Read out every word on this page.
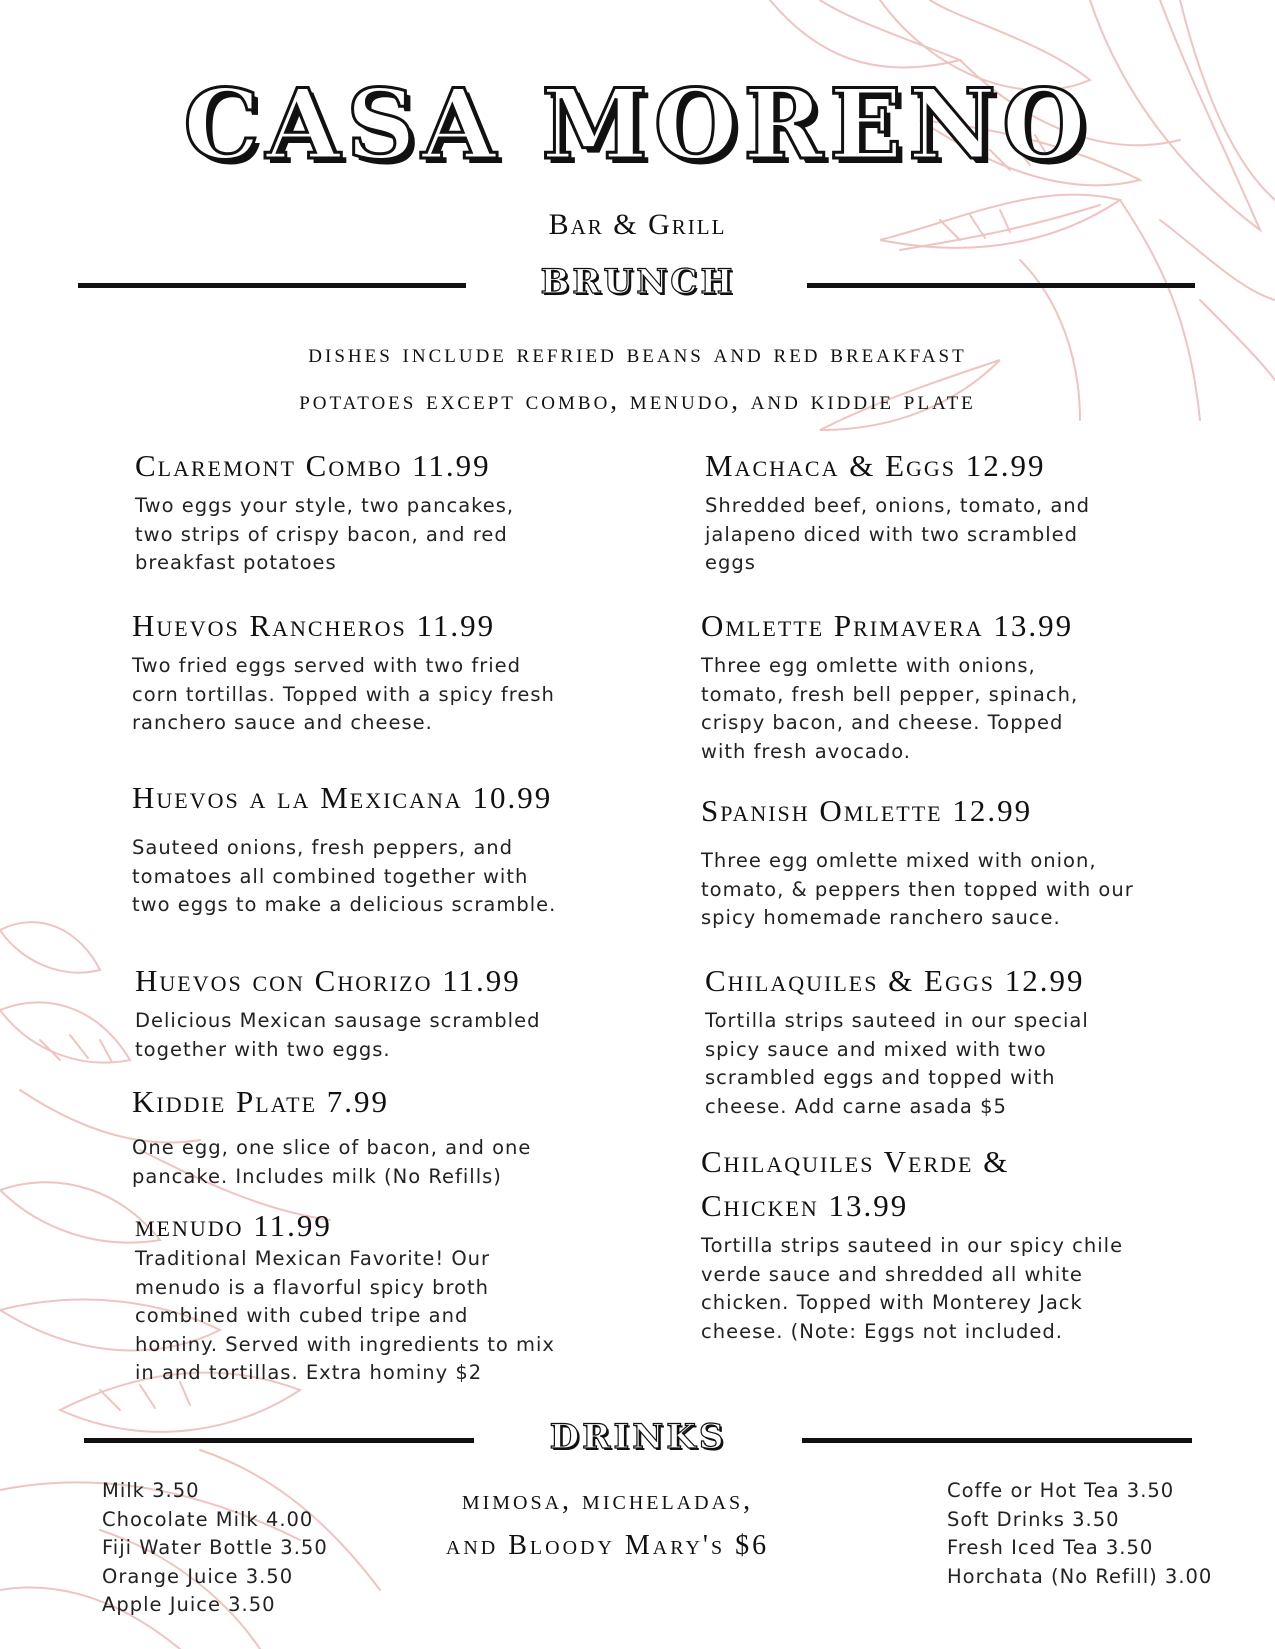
CASA MORENO
Bar & Grill
BRUNCH
dishes include refried beans and red breakfast
potatoes except combo, menudo, and kiddie plate
Claremont Combo 11.99
Two eggs your style, two pancakes, two strips of crispy bacon, and red breakfast potatoes
Huevos Rancheros 11.99
Two fried eggs served with two fried corn tortillas. Topped with a spicy fresh ranchero sauce and cheese.
Huevos a la Mexicana 10.99
Sauteed onions, fresh peppers, and tomatoes all combined together with two eggs to make a delicious scramble.
Huevos con Chorizo 11.99
Delicious Mexican sausage scrambled together with two eggs.
Kiddie Plate 7.99
One egg, one slice of bacon, and one pancake. Includes milk (No Refills)
menudo 11.99
Traditional Mexican Favorite! Our menudo is a flavorful spicy broth combined with cubed tripe and hominy. Served with ingredients to mix in and tortillas. Extra hominy $2
Machaca & Eggs 12.99
Shredded beef, onions, tomato, and jalapeno diced with two scrambled eggs
Omlette Primavera 13.99
Three egg omlette with onions, tomato, fresh bell pepper, spinach, crispy bacon, and cheese. Topped with fresh avocado.
Spanish Omlette 12.99
Three egg omlette mixed with onion, tomato, & peppers then topped with our spicy homemade ranchero sauce.
Chilaquiles & Eggs 12.99
Tortilla strips sauteed in our special spicy sauce and mixed with two scrambled eggs and topped with cheese. Add carne asada $5
Chilaquiles Verde & Chicken 13.99
Tortilla strips sauteed in our spicy chile verde sauce and shredded all white chicken. Topped with Monterey Jack cheese. (Note: Eggs not included.
DRINKS
Milk 3.50
Chocolate Milk 4.00
Fiji Water Bottle 3.50
Orange Juice 3.50
Apple Juice 3.50
mimosa, micheladas,
and Bloody Mary's $6
Coffe or Hot Tea 3.50
Soft Drinks 3.50
Fresh Iced Tea 3.50
Horchata (No Refill) 3.00
